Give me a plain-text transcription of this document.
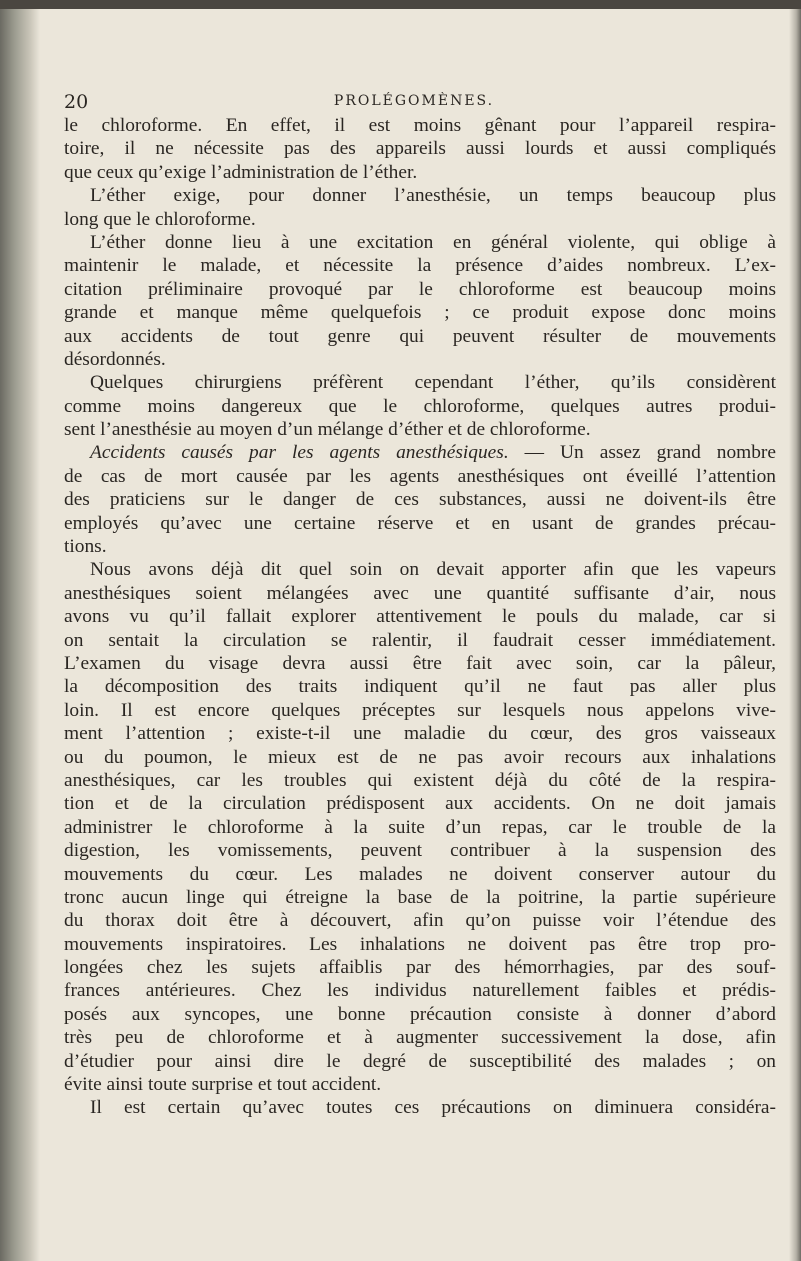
20	PROLÉGOMÈNES.
le chloroforme. En effet, il est moins gênant pour l’appareil respira-
toire, il ne nécessite pas des appareils aussi lourds et aussi compliqués
que ceux qu’exige l’administration de l’éther.
L’éther exige, pour donner l’anesthésie, un temps beaucoup plus
long que le chloroforme.
L’éther donne lieu à une excitation en général violente, qui oblige à
maintenir le malade, et nécessite la présence d’aides nombreux. L’ex-
citation préliminaire provoqué par le chloroforme est beaucoup moins
grande et manque même quelquefois ; ce produit expose donc moins
aux accidents de tout genre qui peuvent résulter de mouvements
désordonnés.
Quelques chirurgiens préfèrent cependant l’éther, qu’ils considèrent
comme moins dangereux que le chloroforme, quelques autres produi-
sent l’anesthésie au moyen d’un mélange d’éther et de chloroforme.
Accidents causés par les agents anesthésiques. — Un assez grand nombre
de cas de mort causée par les agents anesthésiques ont éveillé l’attention
des praticiens sur le danger de ces substances, aussi ne doivent-ils être
employés qu’avec une certaine réserve et en usant de grandes précau-
tions.
Nous avons déjà dit quel soin on devait apporter afin que les vapeurs
anesthésiques soient mélangées avec une quantité suffisante d’air, nous
avons vu qu’il fallait explorer attentivement le pouls du malade, car si
on sentait la circulation se ralentir, il faudrait cesser immédiatement.
L’examen du visage devra aussi être fait avec soin, car la pâleur,
la décomposition des traits indiquent qu’il ne faut pas aller plus
loin. Il est encore quelques préceptes sur lesquels nous appelons vive-
ment l’attention ; existe-t-il une maladie du cœur, des gros vaisseaux
ou du poumon, le mieux est de ne pas avoir recours aux inhalations
anesthésiques, car les troubles qui existent déjà du côté de la respira-
tion et de la circulation prédisposent aux accidents. On ne doit jamais
administrer le chloroforme à la suite d’un repas, car le trouble de la
digestion, les vomissements, peuvent contribuer à la suspension des
mouvements du cœur. Les malades ne doivent conserver autour du
tronc aucun linge qui étreigne la base de la poitrine, la partie supérieure
du thorax doit être à découvert, afin qu’on puisse voir l’étendue des
mouvements inspiratoires. Les inhalations ne doivent pas être trop pro-
longées chez les sujets affaiblis par des hémorrhagies, par des souf-
frances antérieures. Chez les individus naturellement faibles et prédis-
posés aux syncopes, une bonne précaution consiste à donner d’abord
très peu de chloroforme et à augmenter successivement la dose, afin
d’étudier pour ainsi dire le degré de susceptibilité des malades ; on
évite ainsi toute surprise et tout accident.
Il est certain qu’avec toutes ces précautions on diminuera considéra-
